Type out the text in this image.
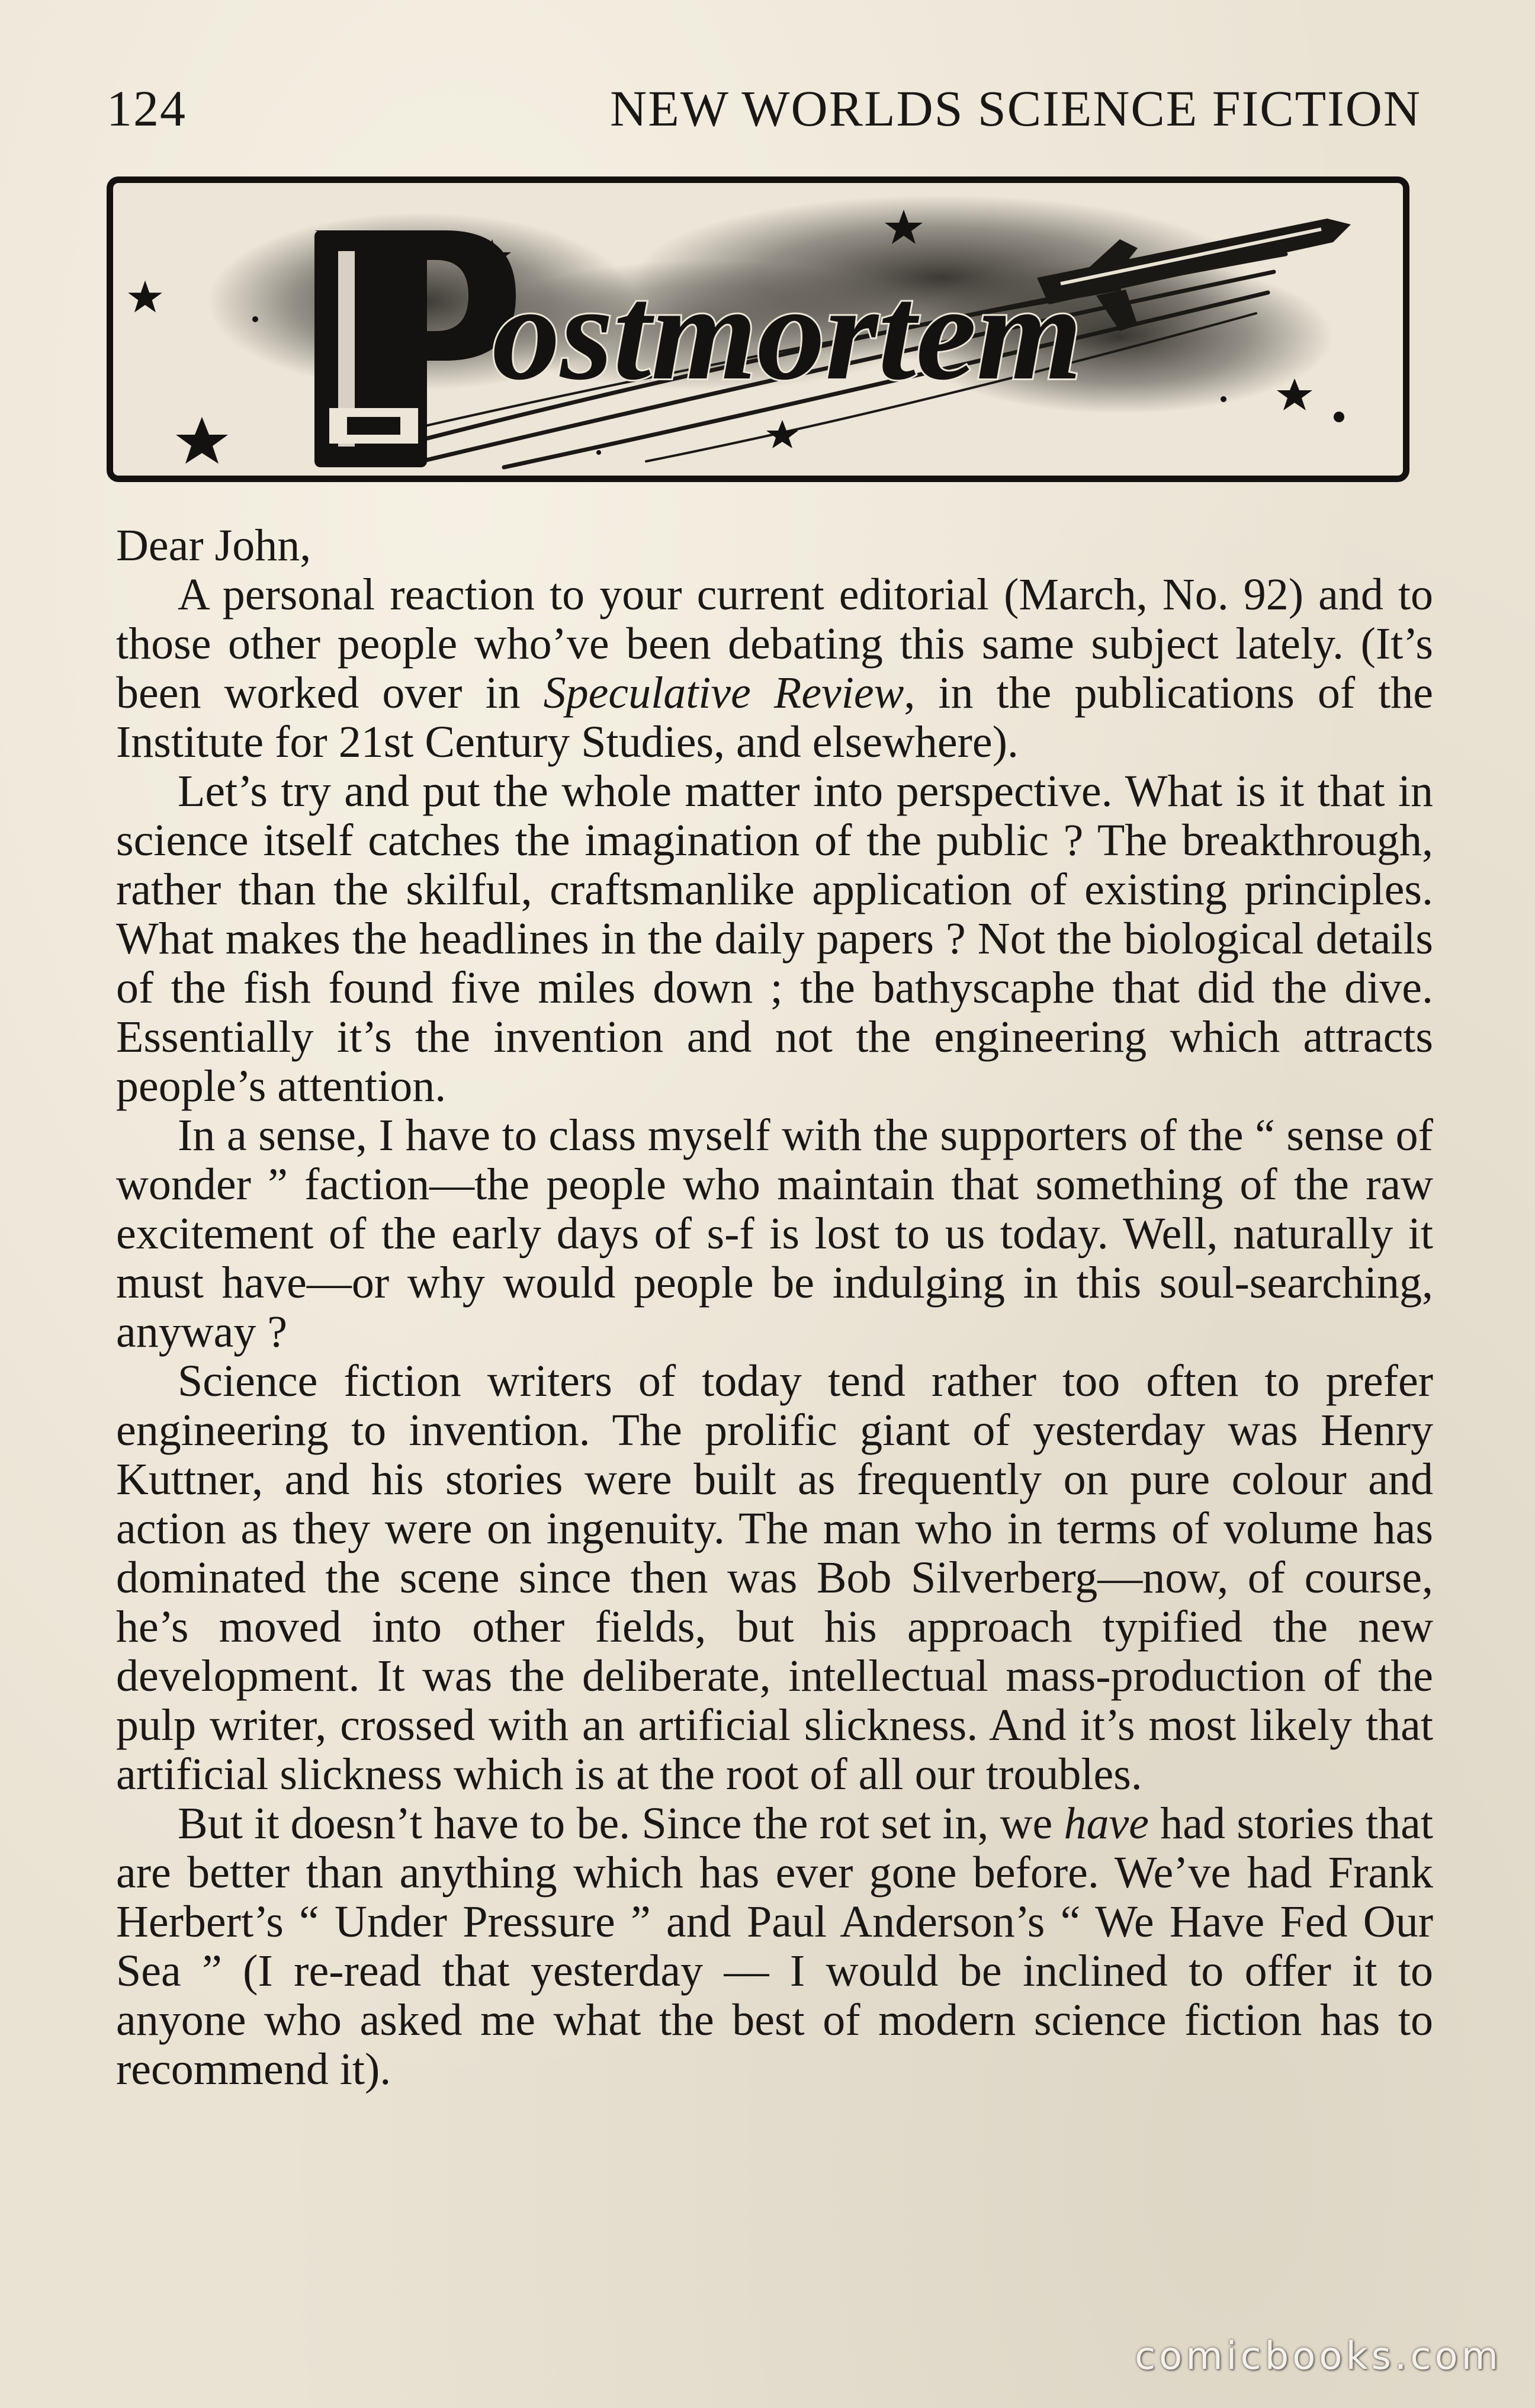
124	NEW WORLDS SCIENCE FICTION
ostmortem

Dear John,

A personal reaction to your current editorial (March, No. 92) and to those other people who’ve been debating this same subject lately. (It’s been worked over in Speculative Review, in the publications of the Institute for 21st Century Studies, and elsewhere).

Let’s try and put the whole matter into perspective. What is it that in science itself catches the imagination of the public ? The breakthrough, rather than the skilful, craftsmanlike application of existing principles. What makes the headlines in the daily papers ? Not the biological details of the fish found five miles down ; the bathyscaphe that did the dive. Essentially it’s the invention and not the engineering which attracts people’s attention.

In a sense, I have to class myself with the supporters of the “ sense of wonder ” faction—the people who maintain that something of the raw excitement of the early days of s-f is lost to us today. Well, naturally it must have—or why would people be indulging in this soul-searching, anyway ?

Science fiction writers of today tend rather too often to prefer engineering to invention. The prolific giant of yesterday was Henry Kuttner, and his stories were built as frequently on pure colour and action as they were on ingenuity. The man who in terms of volume has dominated the scene since then was Bob Silverberg—now, of course, he’s moved into other fields, but his approach typified the new development. It was the deliberate, intellectual mass-production of the pulp writer, crossed with an artificial slickness. And it’s most likely that artificial slickness which is at the root of all our troubles.

But it doesn’t have to be. Since the rot set in, we have had stories that are better than anything which has ever gone before. We’ve had Frank Herbert’s “ Under Pressure ” and Paul Anderson’s “ We Have Fed Our Sea ” (I re-read that yesterday — I would be inclined to offer it to anyone who asked me what the best of modern science fiction has to recommend it).

comicbooks.com
